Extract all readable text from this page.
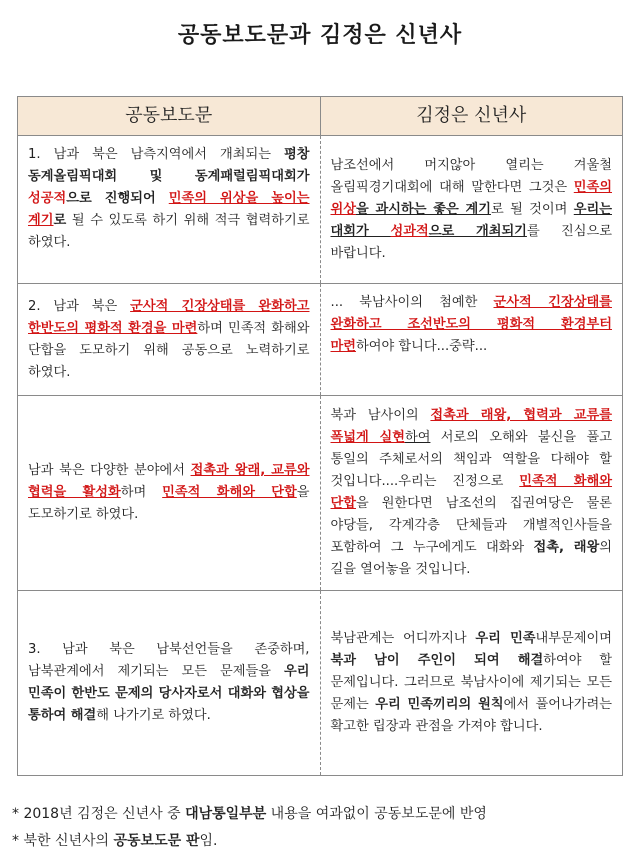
공동보도문과 김정은 신년사
공동보도문	김정은 신년사
1. 남과 북은 남측지역에서 개최되는 평창 동계올림픽대회 및 동계패럴림픽대회가 성공적으로 진행되어 민족의 위상을 높이는 계기로 될 수 있도록 하기 위해 적극 협력하기로 하였다.	남조선에서 머지않아 열리는 겨울철 올림픽경기대회에 대해 말한다면 그것은 민족의 위상을 과시하는 좋은 계기로 될 것이며 우리는 대회가 성과적으로 개최되기를 진심으로 바랍니다.
2. 남과 북은 군사적 긴장상태를 완화하고 한반도의 평화적 환경을 마련하며 민족적 화해와 단합을 도모하기 위해 공동으로 노력하기로 하였다.	... 북남사이의 첨예한 군사적 긴장상태를 완화하고 조선반도의 평화적 환경부터 마련하여야 합니다...중략...
남과 북은 다양한 분야에서 접촉과 왕래, 교류와 협력을 활성화하며 민족적 화해와 단합을 도모하기로 하였다.	북과 남사이의 접촉과 래왕, 협력과 교류를 폭넓게 실현하여 서로의 오해와 불신을 풀고 통일의 주체로서의 책임과 역할을 다해야 할 것입니다....우리는 진정으로 민족적 화해와 단합을 원한다면 남조선의 집권여당은 물론 야당들, 각계각층 단체들과 개별적인사들을 포함하여 그 누구에게도 대화와 접촉, 래왕의 길을 열어놓을 것입니다.
3. 남과 북은 남북선언들을 존중하며, 남북관계에서 제기되는 모든 문제들을 우리 민족이 한반도 문제의 당사자로서 대화와 협상을 통하여 해결해 나가기로 하였다.	북남관계는 어디까지나 우리 민족내부문제이며 북과 남이 주인이 되여 해결하여야 할 문제입니다. 그러므로 북남사이에 제기되는 모든 문제는 우리 민족끼리의 원칙에서 풀어나가려는 확고한 립장과 관점을 가져야 합니다.
* 2018년 김정은 신년사 중 대남통일부분 내용을 여과없이 공동보도문에 반영
* 북한 신년사의 공동보도문 판임.
